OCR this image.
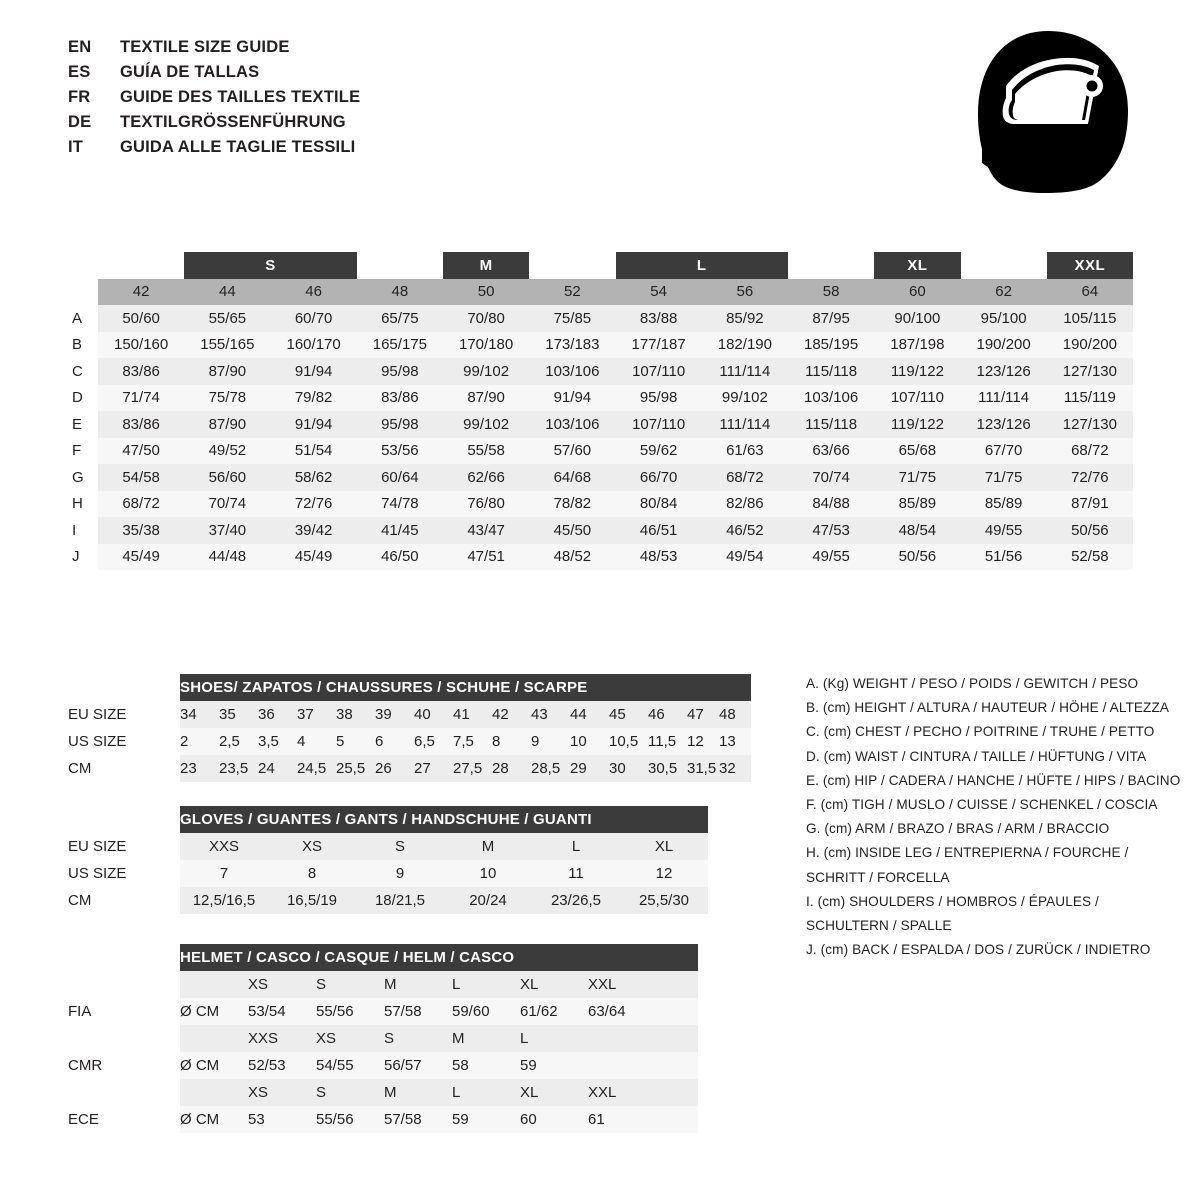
EN	TEXTILE SIZE GUIDE
ES	GUÍA DE TALLAS
FR	GUIDE DES TAILLES TEXTILE
DE	TEXTILGRÖSSENFÜHRUNG
IT	GUIDA ALLE TAGLIE TESSILI
		S			M		L			XL		XXL
	42	44	46	48	50	52	54	56	58	60	62	64
A	50/60	55/65	60/70	65/75	70/80	75/85	83/88	85/92	87/95	90/100	95/100	105/115
B	150/160	155/165	160/170	165/175	170/180	173/183	177/187	182/190	185/195	187/198	190/200	190/200
C	83/86	87/90	91/94	95/98	99/102	103/106	107/110	111/114	115/118	119/122	123/126	127/130
D	71/74	75/78	79/82	83/86	87/90	91/94	95/98	99/102	103/106	107/110	111/114	115/119
E	83/86	87/90	91/94	95/98	99/102	103/106	107/110	111/114	115/118	119/122	123/126	127/130
F	47/50	49/52	51/54	53/56	55/58	57/60	59/62	61/63	63/66	65/68	67/70	68/72
G	54/58	56/60	58/62	60/64	62/66	64/68	66/70	68/72	70/74	71/75	71/75	72/76
H	68/72	70/74	72/76	74/78	76/80	78/82	80/84	82/86	84/88	85/89	85/89	87/91
I	35/38	37/40	39/42	41/45	43/47	45/50	46/51	46/52	47/53	48/54	49/55	50/56
J	45/49	44/48	45/49	46/50	47/51	48/52	48/53	49/54	49/55	50/56	51/56	52/58
	SHOES/ ZAPATOS / CHAUSSURES / SCHUHE / SCARPE														
EU SIZE	34	35	36	37	38	39	40	41	42	43	44	45	46	47	48
US SIZE	2	2,5	3,5	4	5	6	6,5	7,5	8	9	10	10,5	11,5	12	13
CM	23	23,5	24	24,5	25,5	26	27	27,5	28	28,5	29	30	30,5	31,5	32
	GLOVES / GUANTES / GANTS / HANDSCHUHE / GUANTI					
EU SIZE	XXS	XS	S	M	L	XL
US SIZE	7	8	9	10	11	12
CM	12,5/16,5	16,5/19	18/21,5	20/24	23/26,5	25,5/30
	HELMET / CASCO / CASQUE / HELM / CASCO						
		XS	S	M	L	XL	XXL
FIA	Ø CM	53/54	55/56	57/58	59/60	61/62	63/64
		XXS	XS	S	M	L	
CMR	Ø CM	52/53	54/55	56/57	58	59	
		XS	S	M	L	XL	XXL
ECE	Ø CM	53	55/56	57/58	59	60	61
A. (Kg) WEIGHT / PESO / POIDS / GEWITCH / PESO
B. (cm) HEIGHT / ALTURA / HAUTEUR / HÖHE / ALTEZZA
C. (cm) CHEST / PECHO / POITRINE / TRUHE / PETTO
D. (cm) WAIST / CINTURA / TAILLE / HÜFTUNG / VITA
E. (cm) HIP / CADERA / HANCHE / HÜFTE / HIPS / BACINO
F. (cm) TIGH / MUSLO / CUISSE / SCHENKEL / COSCIA
G. (cm) ARM / BRAZO / BRAS / ARM / BRACCIO
H. (cm) INSIDE LEG / ENTREPIERNA / FOURCHE /
SCHRITT / FORCELLA
I. (cm) SHOULDERS / HOMBROS / ÉPAULES /
SCHULTERN / SPALLE
J. (cm) BACK / ESPALDA / DOS / ZURÜCK / INDIETRO
